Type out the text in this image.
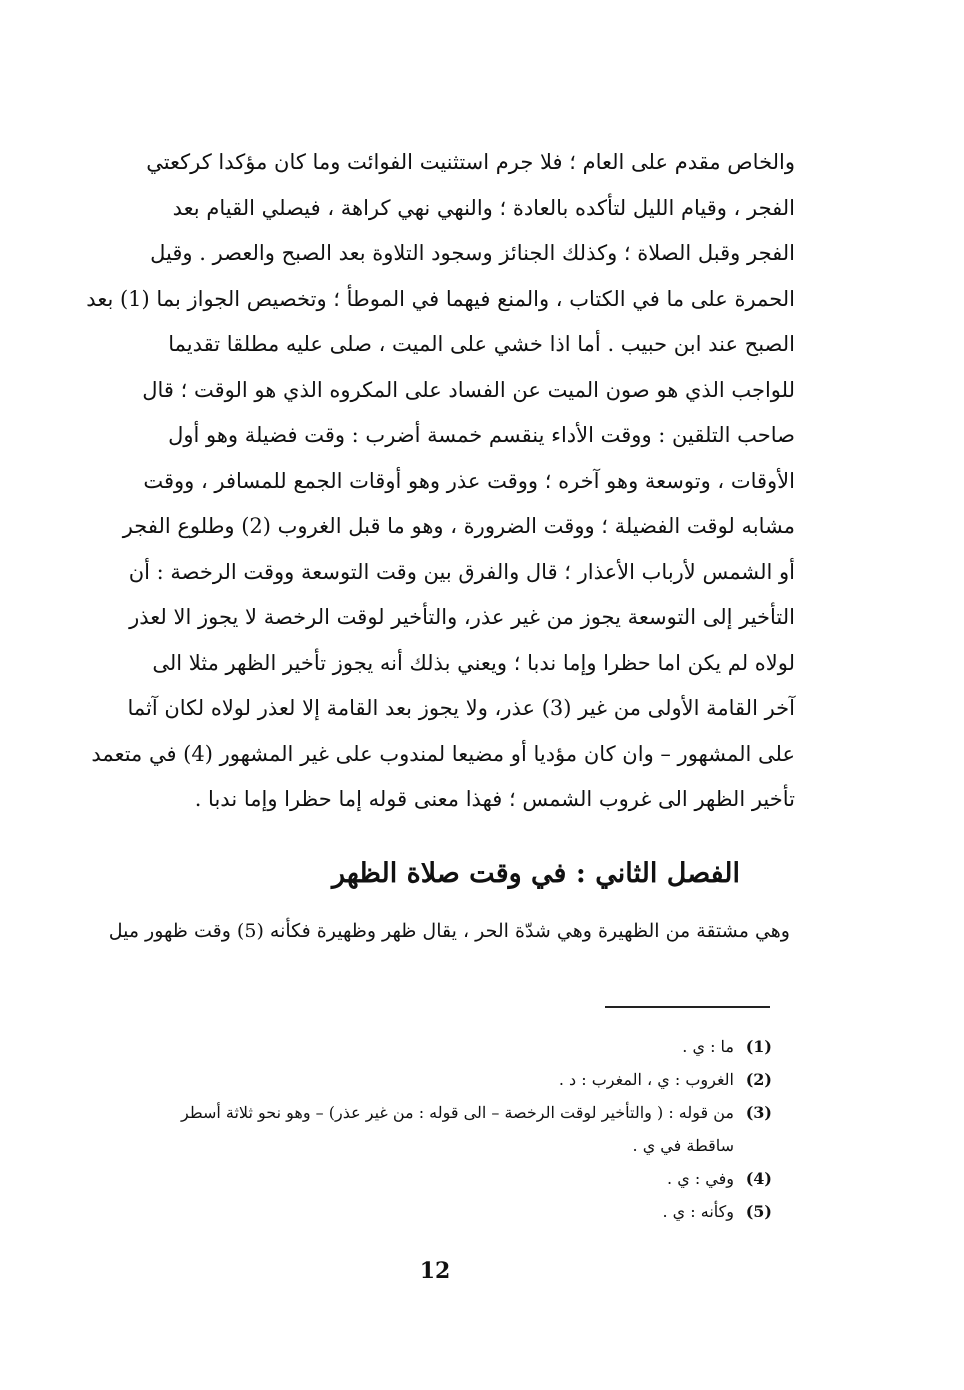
والخاص مقدم على العام ؛ فلا جرم استثنيت الفوائت وما كان مؤكدا كركعتي
الفجر ، وقيام الليل لتأكده بالعادة ؛ والنهي نهي كراهة ، فيصلي القيام بعد
الفجر وقبل الصلاة ؛ وكذلك الجنائز وسجود التلاوة بعد الصبح والعصر . وقيل
الحمرة على ما في الكتاب ، والمنع فيهما في الموطأ ؛ وتخصيص الجواز بما (1) بعد
الصبح عند ابن حبيب . أما اذا خشي على الميت ، صلى عليه مطلقا تقديما
للواجب الذي هو صون الميت عن الفساد على المكروه الذي هو الوقت ؛ قال
صاحب التلقين : ووقت الأداء ينقسم خمسة أضرب : وقت فضيلة وهو أول
الأوقات ، وتوسعة وهو آخره ؛ ووقت عذر وهو أوقات الجمع للمسافر ، ووقت
مشابه لوقت الفضيلة ؛ ووقت الضرورة ، وهو ما قبل الغروب (2) وطلوع الفجر
أو الشمس لأرباب الأعذار ؛ قال والفرق بين وقت التوسعة ووقت الرخصة : أن
التأخير إلى التوسعة يجوز من غير عذر، والتأخير لوقت الرخصة لا يجوز الا لعذر
لولاه لم يكن اما حظرا وإما ندبا ؛ ويعني بذلك أنه يجوز تأخير الظهر مثلا الى
آخر القامة الأولى من غير (3) عذر، ولا يجوز بعد القامة إلا لعذر لولاه لكان آثما
على المشهور – وان كان مؤديا أو مضيعا لمندوب على غير المشهور (4) في متعمد
تأخير الظهر الى غروب الشمس ؛ فهذا معنى قوله إما حظرا وإما ندبا .
الفصل الثاني : في وقت صلاة الظهر
وهي مشتقة من الظهيرة وهي شدّة الحر ، يقال ظهر وظهيرة فكأنه (5) وقت ظهور ميل
(1)
ما : ي .
(2)
الغروب : ي ، المغرب : د .
(3)
من قوله : ( والتأخير لوقت الرخصة – الى قوله : من غير عذر) – وهو نحو ثلاثة أسطر
ساقطة في ي .
(4)
وفي : ي .
(5)
وكأنه : ي .
12
